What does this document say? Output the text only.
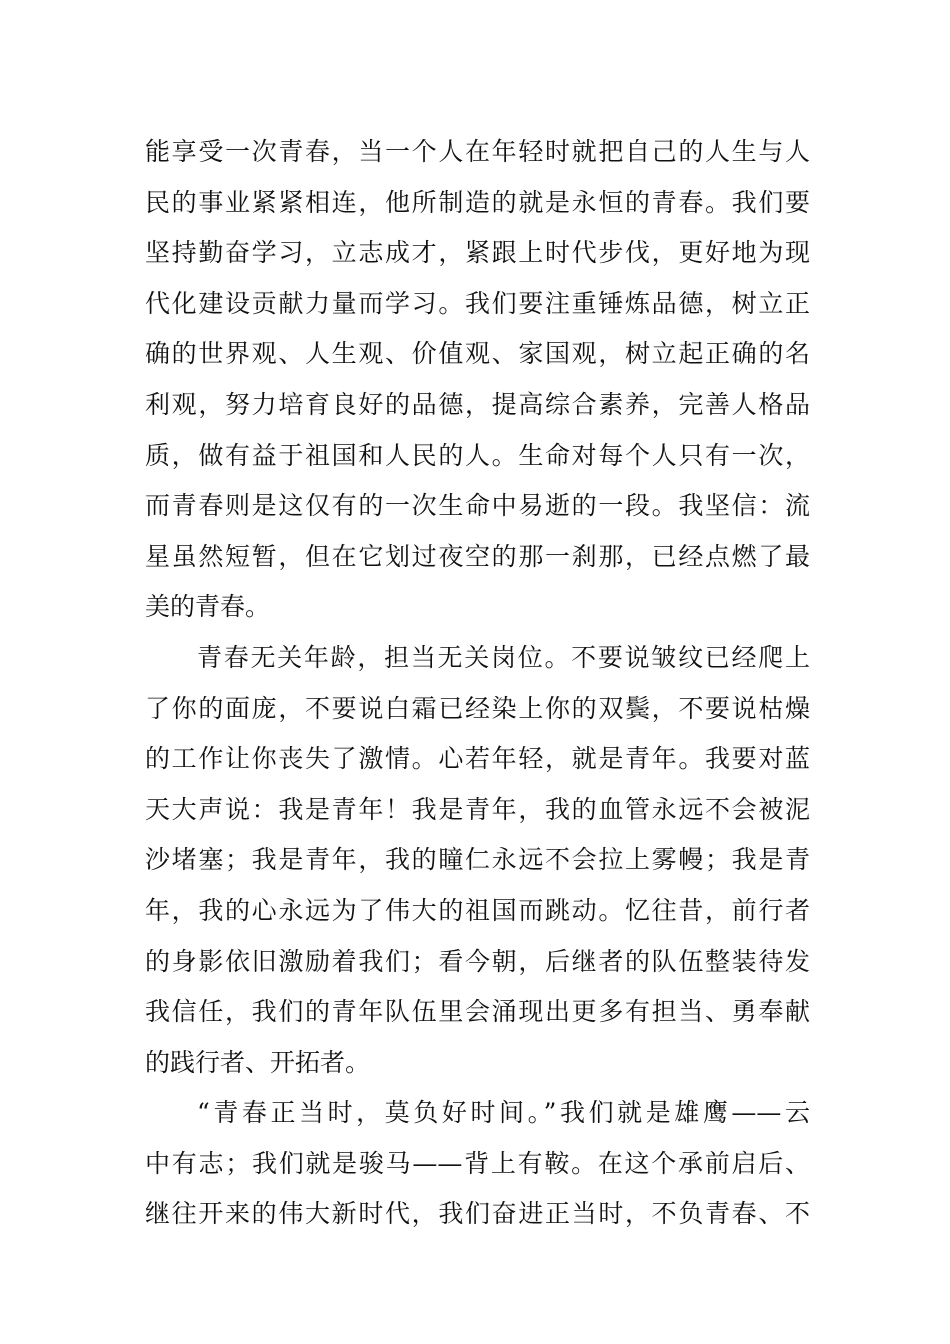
能享受一次青春，当一个人在年轻时就把自己的人生与人
民的事业紧紧相连，他所制造的就是永恒的青春。我们要
坚持勤奋学习，立志成才，紧跟上时代步伐，更好地为现
代化建设贡献力量而学习。我们要注重锤炼品德，树立正
确的世界观、人生观、价值观、家国观，树立起正确的名
利观，努力培育良好的品德，提高综合素养，完善人格品
质，做有益于祖国和人民的人。生命对每个人只有一次，
而青春则是这仅有的一次生命中易逝的一段。我坚信：流
星虽然短暂，但在它划过夜空的那一刹那，已经点燃了最
美的青春。
青春无关年龄，担当无关岗位。不要说皱纹已经爬上
了你的面庞，不要说白霜已经染上你的双鬓，不要说枯燥
的工作让你丧失了激情。心若年轻，就是青年。我要对蓝
天大声说：我是青年！我是青年，我的血管永远不会被泥
沙堵塞；我是青年，我的瞳仁永远不会拉上雾幔；我是青
年，我的心永远为了伟大的祖国而跳动。忆往昔，前行者
的身影依旧激励着我们；看今朝，后继者的队伍整装待发
我信任，我们的青年队伍里会涌现出更多有担当、勇奉献
的践行者、开拓者。
“青春正当时，莫负好时间。”我们就是雄鹰——云
中有志；我们就是骏马——背上有鞍。在这个承前启后、
继往开来的伟大新时代，我们奋进正当时，不负青春、不
